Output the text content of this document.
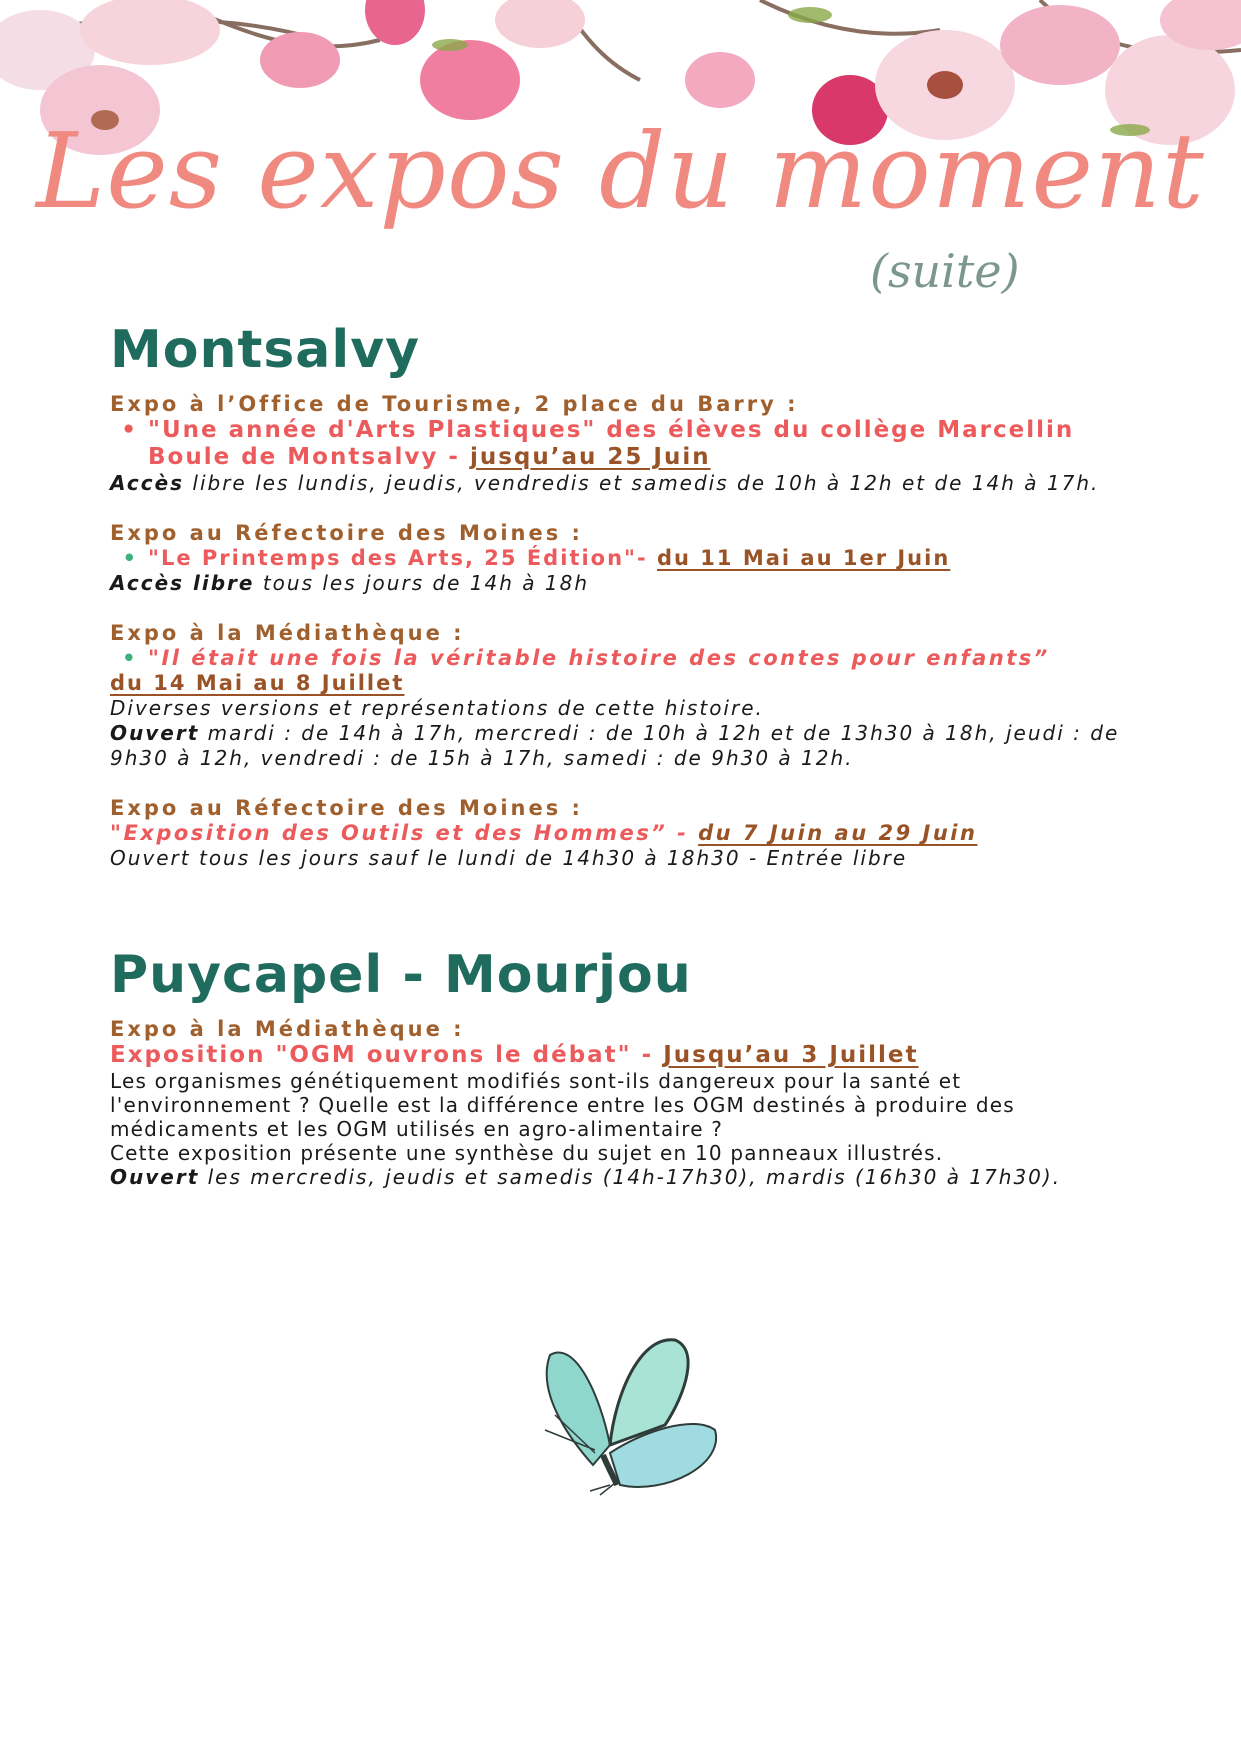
Les expos du moment
(suite)
Montsalvy
Expo à l’Office de Tourisme, 2 place du Barry :
• "Une année d'Arts Plastiques" des élèves du collège Marcellin
Boule de Montsalvy - jusqu’au 25 Juin
Accès libre les lundis, jeudis, vendredis et samedis de 10h à 12h et de 14h à 17h.
Expo au Réfectoire des Moines :
• "Le Printemps des Arts, 25 Édition"- du 11 Mai au 1er Juin
Accès libre tous les jours de 14h à 18h
Expo à la Médiathèque :
• "Il était une fois la véritable histoire des contes pour enfants”
du 14 Mai au 8 Juillet
Diverses versions et représentations de cette histoire.
Ouvert mardi : de 14h à 17h, mercredi : de 10h à 12h et de 13h30 à 18h, jeudi : de
9h30 à 12h, vendredi : de 15h à 17h, samedi : de 9h30 à 12h.
Expo au Réfectoire des Moines :
"Exposition des Outils et des Hommes” - du 7 Juin au 29 Juin
Ouvert tous les jours sauf le lundi de 14h30 à 18h30 - Entrée libre
Puycapel - Mourjou
Expo à la Médiathèque :
Exposition "OGM ouvrons le débat" - Jusqu’au 3 Juillet
Les organismes génétiquement modifiés sont-ils dangereux pour la santé et
l'environnement ? Quelle est la différence entre les OGM destinés à produire des
médicaments et les OGM utilisés en agro-alimentaire ?
Cette exposition présente une synthèse du sujet en 10 panneaux illustrés.
Ouvert les mercredis, jeudis et samedis (14h-17h30), mardis (16h30 à 17h30).
